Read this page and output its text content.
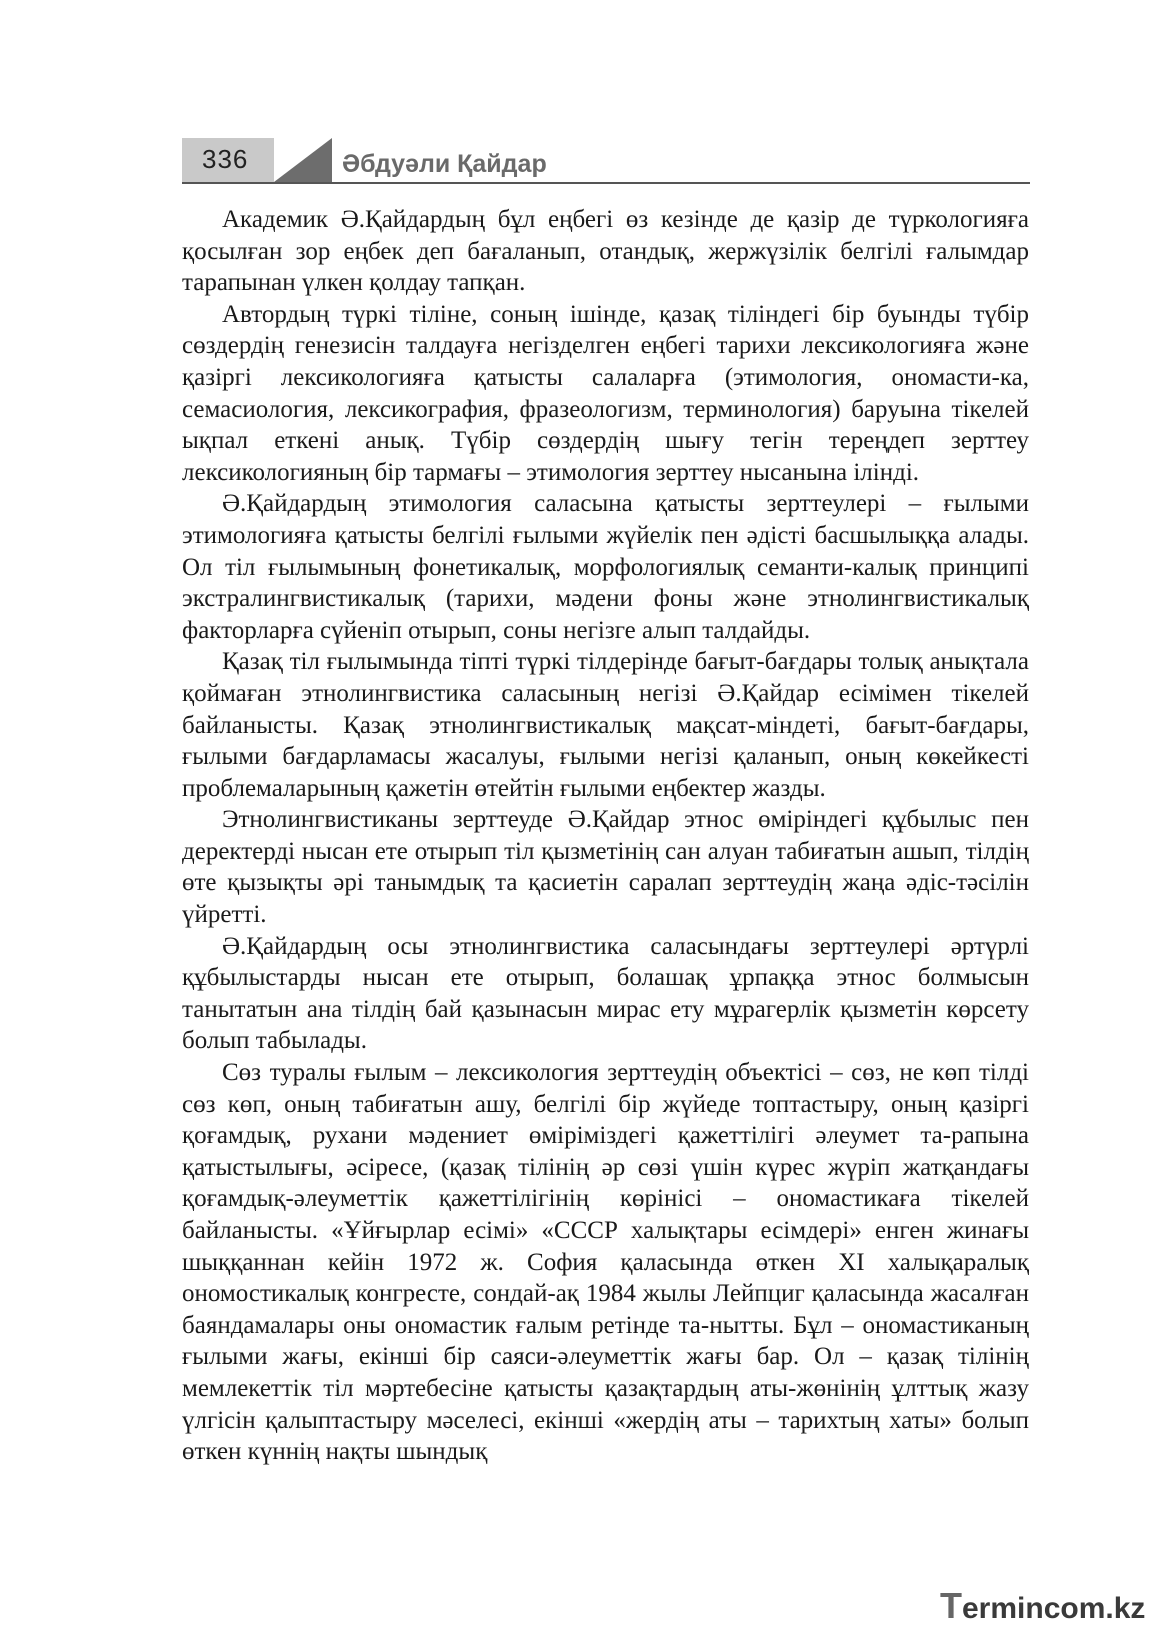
336	Әбдуәли Қайдар

Академик Ә.Қайдардың бұл еңбегі өз кезінде де қазір де түркологияға қосылған зор еңбек деп бағаланып, отандық, жержүзілік белгілі ғалымдар тарапынан үлкен қолдау тапқан.

Автордың түркі тіліне, соның ішінде, қазақ тіліндегі бір буынды түбір сөздердің генезисін талдауға негізделген еңбегі тарихи лексикологияға және қазіргі лексикологияға қатысты салаларға (этимология, ономасти-ка, семасиология, лексикография, фразеологизм, терминология) баруына тікелей ықпал еткені анық. Түбір сөздердің шығу тегін тереңдеп зерттеу лексикологияның бір тармағы – этимология зерттеу нысанына ілінді.

Ә.Қайдардың этимология саласына қатысты зерттеулері – ғылыми этимологияға қатысты белгілі ғылыми жүйелік пен әдісті басшылыққа алады. Ол тіл ғылымының фонетикалық, морфологиялық семанти-калық принципі экстралингвистикалық (тарихи, мәдени фоны және этнолингвистикалық факторларға сүйеніп отырып, соны негізге алып талдайды.

Қазақ тіл ғылымында тіпті түркі тілдерінде бағыт-бағдары толық анықтала қоймаған этнолингвистика саласының негізі Ә.Қайдар есімімен тікелей байланысты. Қазақ этнолингвистикалық мақсат-міндеті, бағыт-бағдары, ғылыми бағдарламасы жасалуы, ғылыми негізі қаланып, оның көкейкесті проблемаларының қажетін өтейтін ғылыми еңбектер жазды.

Этнолингвистиканы зерттеуде Ә.Қайдар этнос өміріндегі құбылыс пен деректерді нысан ете отырып тіл қызметінің сан алуан табиғатын ашып, тілдің өте қызықты әрі танымдық та қасиетін саралап зерттеудің жаңа әдіс-тәсілін үйретті.

Ә.Қайдардың осы этнолингвистика саласындағы зерттеулері әртүрлі құбылыстарды нысан ете отырып, болашақ ұрпаққа этнос болмысын танытатын ана тілдің бай қазынасын мирас ету мұрагерлік қызметін көрсету болып табылады.

Сөз туралы ғылым – лексикология зерттеудің объектісі – сөз, не көп тілді сөз көп, оның табиғатын ашу, белгілі бір жүйеде топтастыру, оның қазіргі қоғамдық, рухани мәдениет өміріміздегі қажеттілігі әлеумет та-рапына қатыстылығы, әсіресе, (қазақ тілінің әр сөзі үшін күрес жүріп жатқандағы қоғамдық-әлеуметтік қажеттілігінің көрінісі – ономастикаға тікелей байланысты. «Ұйғырлар есімі» «СССР халықтары есімдері» енген жинағы шыққаннан кейін 1972 ж. София қаласында өткен XI халықаралық ономостикалық конгресте, сондай-ақ 1984 жылы Лейпциг қаласында жасалған баяндамалары оны ономастик ғалым ретінде та-нытты. Бұл – ономастиканың ғылыми жағы, екінші бір саяси-әлеуметтік жағы бар. Ол – қазақ тілінің мемлекеттік тіл мәртебесіне қатысты қазақтардың аты-жөнінің ұлттық жазу үлгісін қалыптастыру мәселесі, екінші «жердің аты – тарихтың хаты» болып өткен күннің нақты шындық

Termincom.kz
